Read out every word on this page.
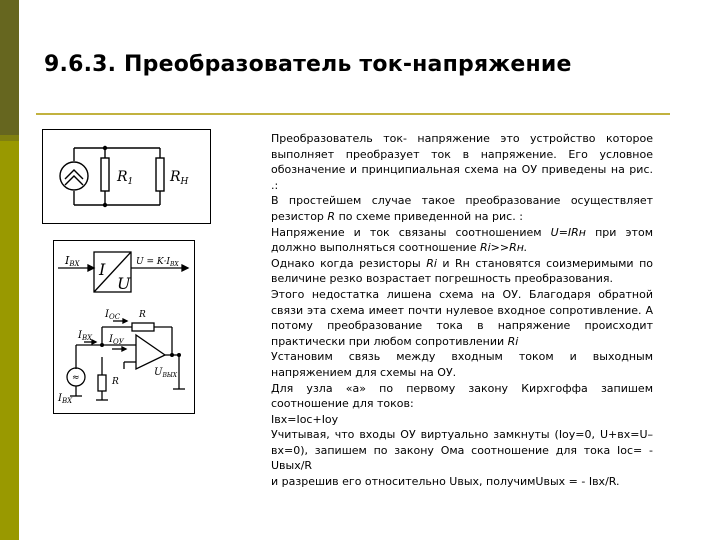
9.6.3. Преобразователь ток-напряжение
$R_1$	$R_H$
IВХ I
U
$U = K\cdot I_{ВХ}$
≈
$I_{OC}$ R
$I_{ВХ}$ $I_{ОУ}$
R
$U_{ВЫХ}$
$I_{ВХ}$

Преобразователь ток- напряжение это устройство которое выполняет преобразует ток в напряжение. Его условное обозначение и принципиальная схема на ОУ приведены на рис. .:

В простейшем случае такое преобразование осуществляет резистор R по схеме приведенной на рис. :

Напряжение и ток связаны соотношением U=IRн при этом должно выполняться соотношение Ri>>Rн.

Однако когда резисторы Ri и Rн становятся соизмеримыми по величине резко возрастает погрешность преобразования.

Этого недостатка лишена схема на ОУ. Благодаря обратной связи эта схема имеет почти нулевое входное сопротивление. А потому преобразование тока в напряжение происходит практически при любом сопротивлении Ri

Установим связь между входным током и выходным напряжением для схемы на ОУ.

Для узла «а» по первому закону Кирхгоффа запишем соотношение для токов:

Iвх=Iос+Iоу

Учитывая, что входы ОУ виртуально замкнуты (Iоу=0, U+вх=U–вх=0), запишем по закону Ома соотношение для тока Iос= - Uвых/R

и разрешив его относительно Uвых, получимUвых = - Iвх/R.
